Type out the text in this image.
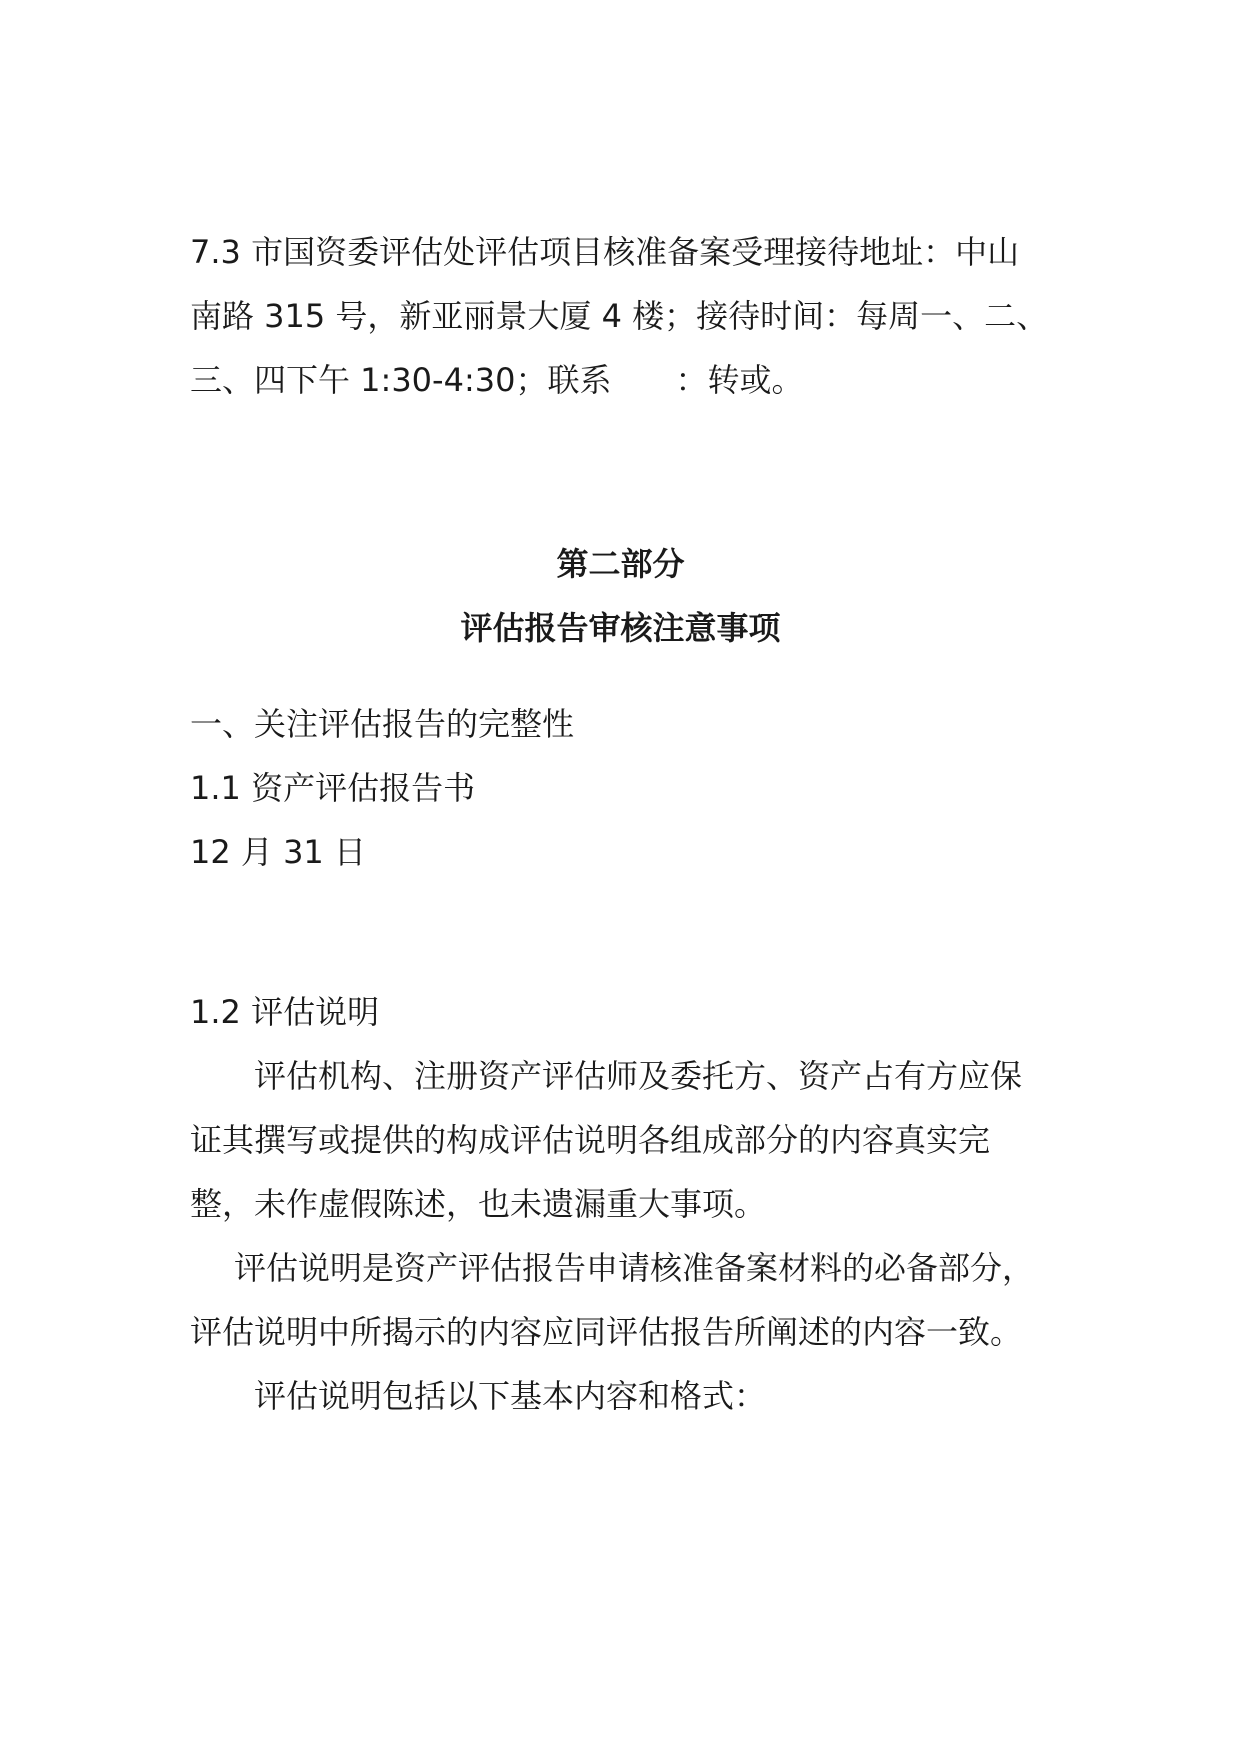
7.3 市国资委评估处评估项目核准备案受理接待地址：中山
南路 315 号，新亚丽景大厦 4 楼；接待时间：每周一、二、
三、四下午 1:30-4:30；联系　　：转或。
第二部分
评估报告审核注意事项
一、关注评估报告的完整性
1.1 资产评估报告书
12 月 31 日
1.2 评估说明
评估机构、注册资产评估师及委托方、资产占有方应保
证其撰写或提供的构成评估说明各组成部分的内容真实完
整，未作虚假陈述，也未遗漏重大事项。
评估说明是资产评估报告申请核准备案材料的必备部分，
评估说明中所揭示的内容应同评估报告所阐述的内容一致。
评估说明包括以下基本内容和格式：
